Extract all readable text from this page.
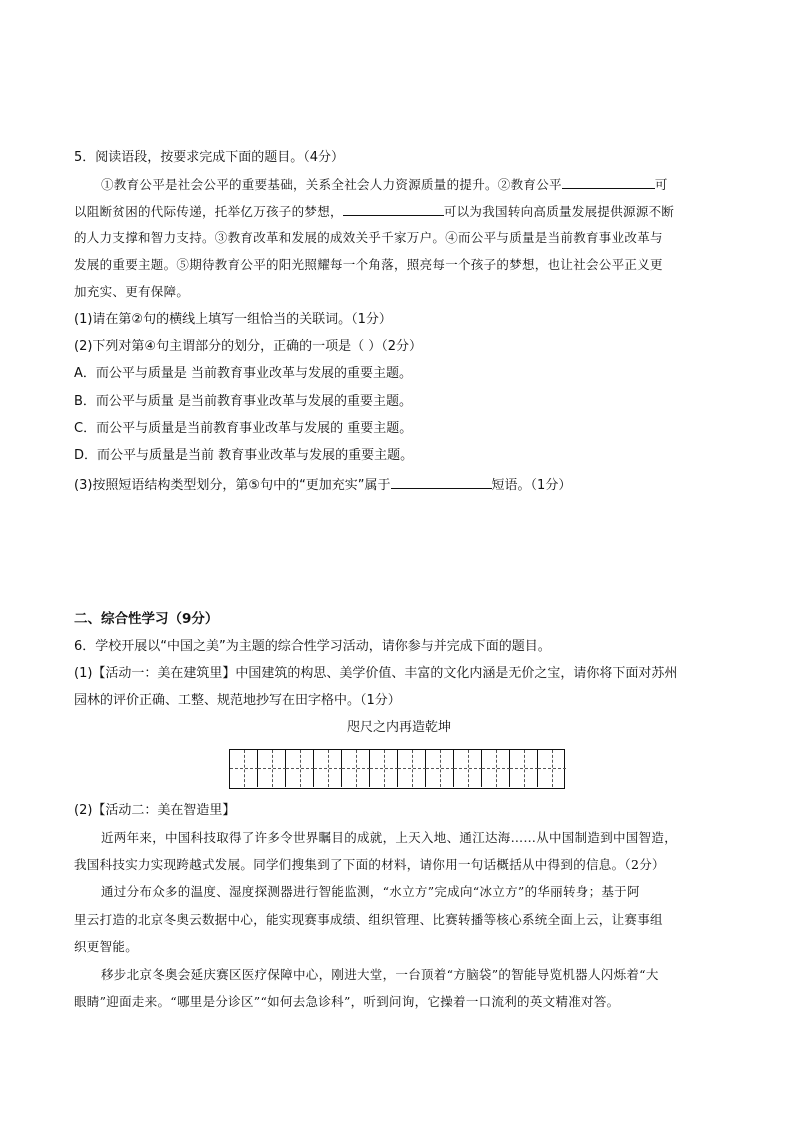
5．阅读语段，按要求完成下面的题目。（4分）
①教育公平是社会公平的重要基础，关系全社会人力资源质量的提升。②教育公平	可
以阻断贫困的代际传递，托举亿万孩子的梦想，	可以为我国转向高质量发展提供源源不断
的人力支撑和智力支持。③教育改革和发展的成效关乎千家万户。④而公平与质量是当前教育事业改革与
发展的重要主题。⑤期待教育公平的阳光照耀每一个角落，照亮每一个孩子的梦想，也让社会公平正义更
加充实、更有保障。
(1)请在第②句的横线上填写一组恰当的关联词。（1分）
(2)下列对第④句主谓部分的划分，正确的一项是（ ）（2分）
A．而公平与质量是 当前教育事业改革与发展的重要主题。
B．而公平与质量 是当前教育事业改革与发展的重要主题。
C．而公平与质量是当前教育事业改革与发展的 重要主题。
D．而公平与质量是当前 教育事业改革与发展的重要主题。
(3)按照短语结构类型划分，第⑤句中的“更加充实”属于	短语。（1分）
二、综合性学习（9分）
6．学校开展以“中国之美”为主题的综合性学习活动，请你参与并完成下面的题目。
(1)【活动一：美在建筑里】中国建筑的构思、美学价值、丰富的文化内涵是无价之宝，请你将下面对苏州
园林的评价正确、工整、规范地抄写在田字格中。（1分）
咫尺之内再造乾坤
(2)【活动二：美在智造里】
近两年来，中国科技取得了许多令世界瞩目的成就，上天入地、通江达海……从中国制造到中国智造，
我国科技实力实现跨越式发展。同学们搜集到了下面的材料，请你用一句话概括从中得到的信息。（2分）
通过分布众多的温度、湿度探测器进行智能监测，“水立方”完成向“冰立方”的华丽转身；基于阿
里云打造的北京冬奥云数据中心，能实现赛事成绩、组织管理、比赛转播等核心系统全面上云，让赛事组
织更智能。
移步北京冬奥会延庆赛区医疗保障中心，刚进大堂，一台顶着“方脑袋”的智能导览机器人闪烁着“大
眼睛”迎面走来。“哪里是分诊区”“如何去急诊科”，听到问询，它操着一口流利的英文精准对答。
